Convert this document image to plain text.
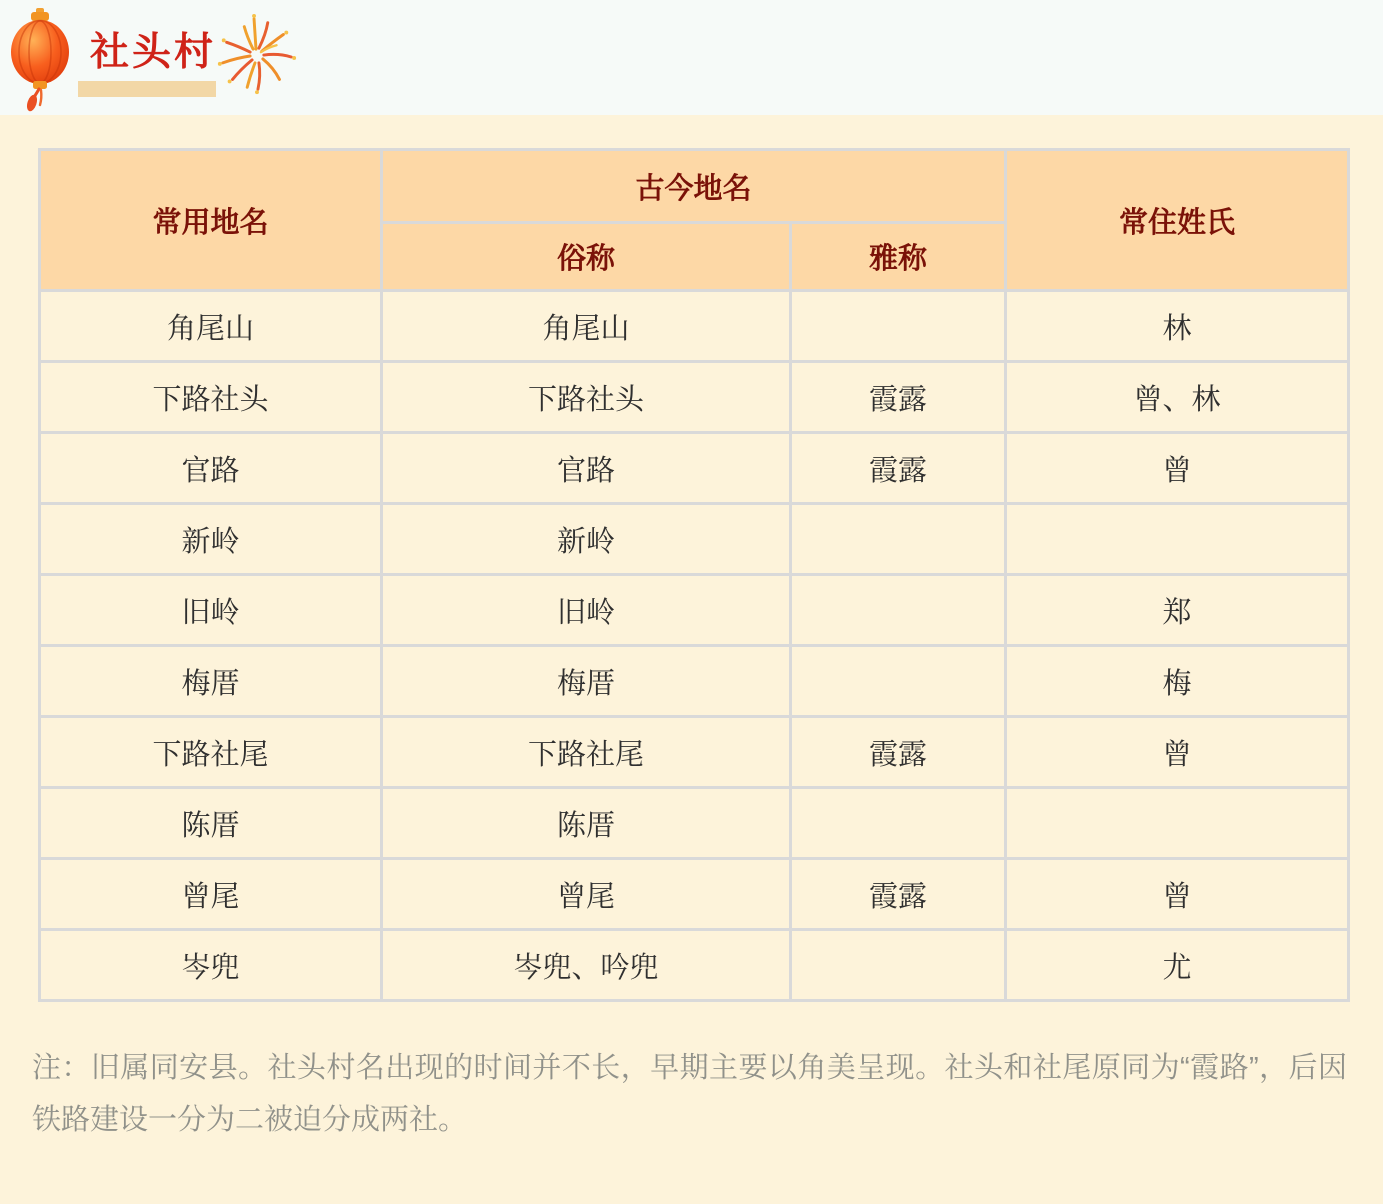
社头村
常用地名	古今地名		常住姓氏
	俗称	雅称	
角尾山	角尾山		林
下路社头	下路社头	霞露	曾、林
官路	官路	霞露	曾
新岭	新岭		
旧岭	旧岭		郑
梅厝	梅厝		梅
下路社尾	下路社尾	霞露	曾
陈厝	陈厝		
曾尾	曾尾	霞露	曾
岑兜	岑兜、吟兜		尤
注：旧属同安县。社头村名出现的时间并不长，早期主要以角美呈现。社头和社尾原同为“霞路”，后因铁路建设一分为二被迫分成两社。
